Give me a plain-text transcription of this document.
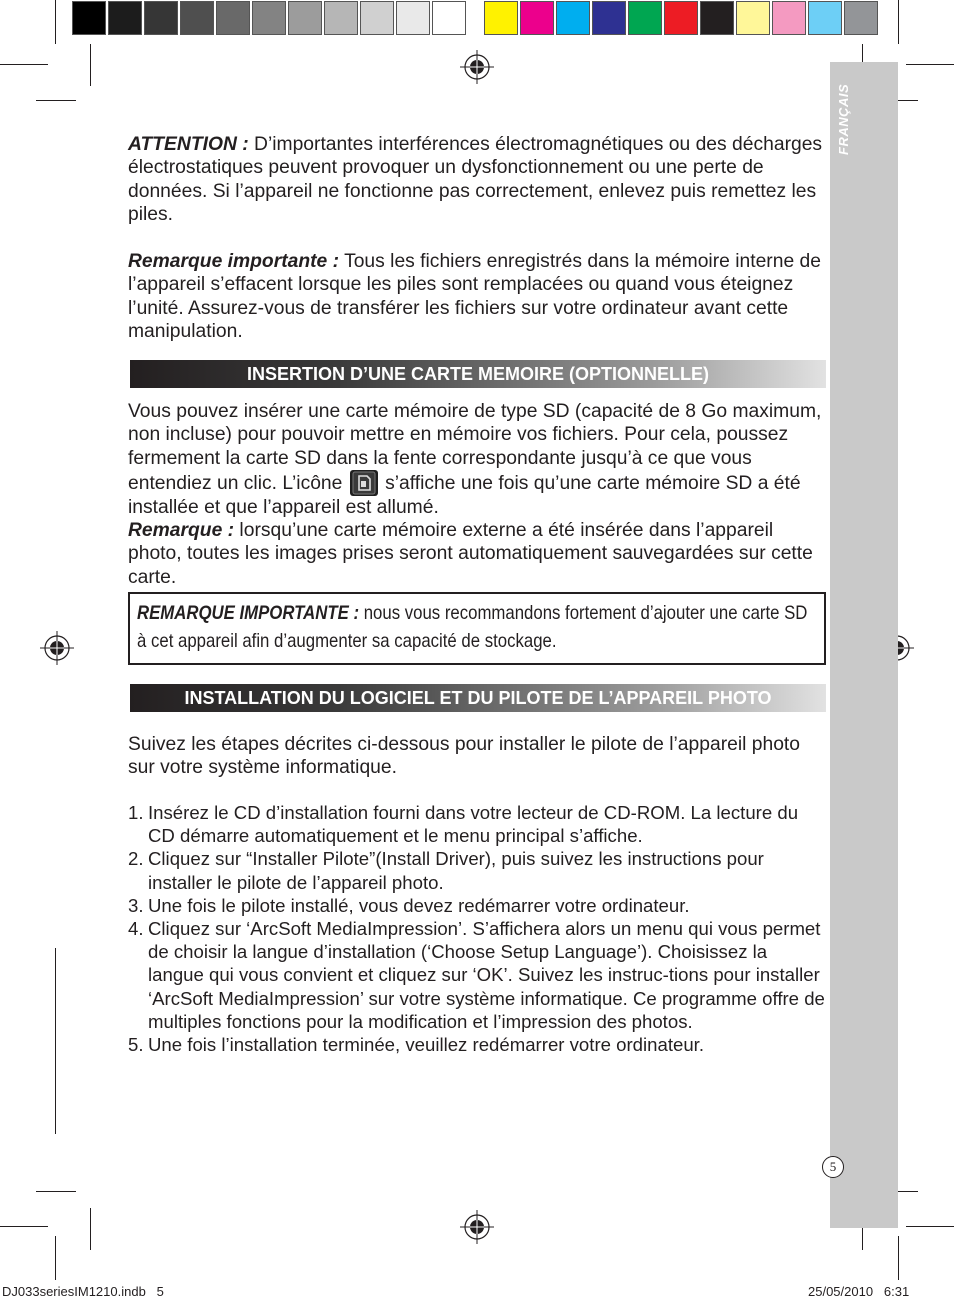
FRANÇAIS

ATTENTION : D’importantes interférences électromagnétiques ou des décharges électrostatiques peuvent provoquer un dysfonctionnement ou une perte de données. Si l’appareil ne fonctionne pas correctement, enlevez puis remettez les piles.

Remarque importante : Tous les fichiers enregistrés dans la mémoire interne de l’appareil s’effacent lorsque les piles sont remplacées ou quand vous éteignez l’unité. Assurez-vous de transférer les fichiers sur votre ordinateur avant cette manipulation.

INSERTION D’UNE CARTE MEMOIRE (OPTIONNELLE)

Vous pouvez insérer une carte mémoire de type SD (capacité de 8 Go maximum, non incluse) pour pouvoir mettre en mémoire vos fichiers. Pour cela, poussez fermement la carte SD dans la fente correspondante jusqu’à ce que vous entendiez un clic. L’icône
s’affiche une fois qu’une carte mémoire SD a été installée et que l’appareil est allumé.
Remarque : lorsqu’une carte mémoire externe a été insérée dans l’appareil photo, toutes les images prises seront automatiquement sauvegardées sur cette carte.

REMARQUE IMPORTANTE : nous vous recommandons fortement d’ajouter une carte SD à cet appareil afin d’augmenter sa capacité de stockage.

INSTALLATION DU LOGICIEL ET DU PILOTE DE L’APPAREIL PHOTO

Suivez les étapes décrites ci-dessous pour installer le pilote de l’appareil photo sur votre système informatique.

1. Insérez le CD d’installation fourni dans votre lecteur de CD-ROM. La lecture du CD démarre automatiquement et le menu principal s’affiche.
2. Cliquez sur “Installer Pilote”(Install Driver), puis suivez les instructions pour installer le pilote de l’appareil photo.
3. Une fois le pilote installé, vous devez redémarrer votre ordinateur.
4. Cliquez sur ‘ArcSoft MediaImpression’. S’affichera alors un menu qui vous permet de choisir la langue d’installation (‘Choose Setup Language’). Choisissez la langue qui vous convient et cliquez sur ‘OK’. Suivez les instruc-tions pour installer ‘ArcSoft MediaImpression’ sur votre système informatique. Ce programme offre de multiples fonctions pour la modification et l’impression des photos.
5. Une fois l’installation terminée, veuillez redémarrer votre ordinateur.
5
DJ033seriesIM1210.indb   5	25/05/2010   6:31
